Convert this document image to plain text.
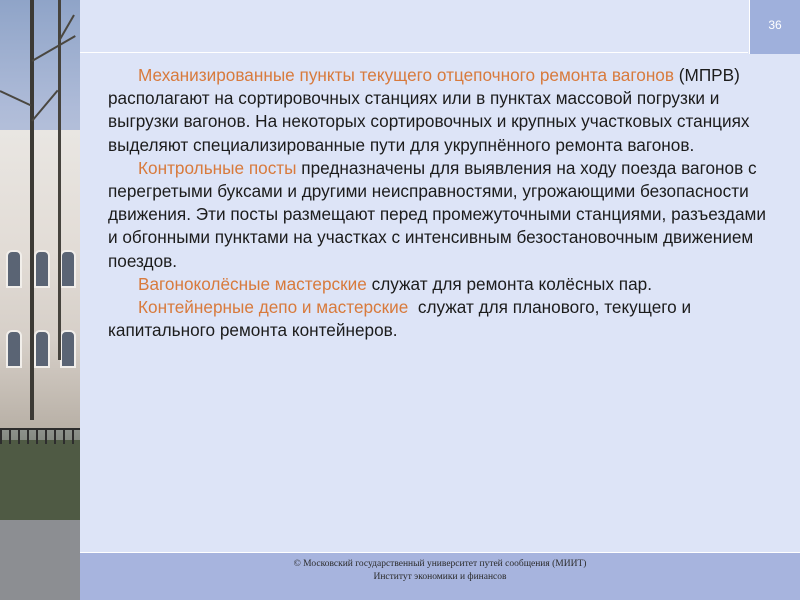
36

Механизированные пункты текущего отцепочного ремонта вагонов (МПРВ) располагают на сортировочных станциях или в пунктах массовой погрузки и выгрузки вагонов. На некоторых сортировочных и крупных участковых станциях выделяют специализированные пути для укрупнённого ремонта вагонов.

Контрольные посты предназначены для выявления на ходу поезда вагонов с перегретыми буксами и другими неисправностями, угрожающими безопасности движения. Эти посты размещают перед промежуточными станциями, разъездами и обгонными пунктами на участках с интенсивным безостановочным движением поездов.

Вагоноколёсные мастерские служат для ремонта колёсных пар.

Контейнерные депо и мастерские  служат для планового, текущего и капитального ремонта контейнеров.

© Московский государственный университет путей сообщения (МИИТ)
Институт экономики и финансов
